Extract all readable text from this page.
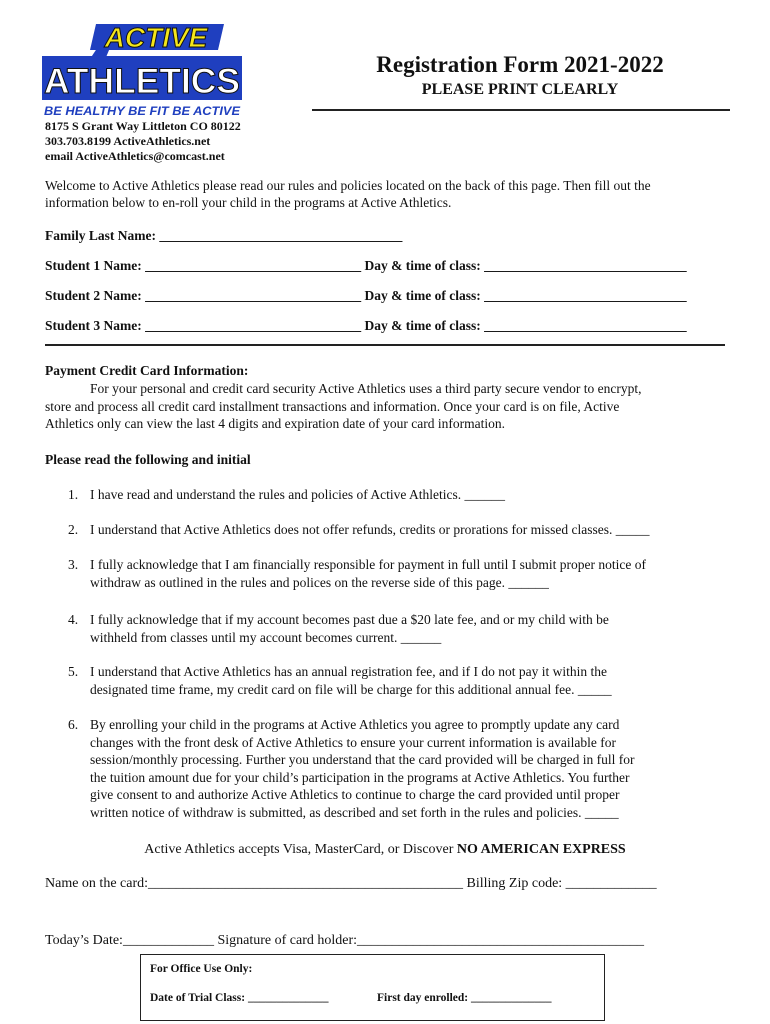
ACTIVE
ATHLETICS
BE HEALTHY BE FIT BE ACTIVE
Registration Form 2021-2022
PLEASE PRINT CLEARLY
8175 S Grant Way Littleton CO 80122
303.703.8199 ActiveAthletics.net
email ActiveAthletics@comcast.net
Welcome to Active Athletics please read our rules and policies located on the back of this page. Then fill out the
information below to en-roll your child in the programs at Active Athletics.
Family Last Name: ____________________________________
Student 1 Name: ________________________________ Day & time of class: ______________________________
Student 2 Name: ________________________________ Day & time of class: ______________________________
Student 3 Name: ________________________________ Day & time of class: ______________________________
Payment Credit Card Information:
For your personal and credit card security Active Athletics uses a third party secure vendor to encrypt,
store and process all credit card installment transactions and information. Once your card is on file, Active
Athletics only can view the last 4 digits and expiration date of your card information.
Please read the following and initial
1. I have read and understand the rules and policies of Active Athletics. ______
2. I understand that Active Athletics does not offer refunds, credits or prorations for missed classes. _____
3. I fully acknowledge that I am financially responsible for payment in full until I submit proper notice of
withdraw as outlined in the rules and polices on the reverse side of this page. ______
4. I fully acknowledge that if my account becomes past due a $20 late fee, and or my child with be
withheld from classes until my account becomes current. ______
5. I understand that Active Athletics has an annual registration fee, and if I do not pay it within the
designated time frame, my credit card on file will be charge for this additional annual fee. _____
6. By enrolling your child in the programs at Active Athletics you agree to promptly update any card
changes with the front desk of Active Athletics to ensure your current information is available for
session/monthly processing. Further you understand that the card provided will be charged in full for
the tuition amount due for your child’s participation in the programs at Active Athletics. You further
give consent to and authorize Active Athletics to continue to charge the card provided until proper
written notice of withdraw is submitted, as described and set forth in the rules and policies. _____
Active Athletics accepts Visa, MasterCard, or Discover NO AMERICAN EXPRESS
Name on the card:_____________________________________________ Billing Zip code: _____________
Today’s Date:_____________ Signature of card holder:_________________________________________
For Office Use Only:
Date of Trial Class: ______________	First day enrolled: ______________
